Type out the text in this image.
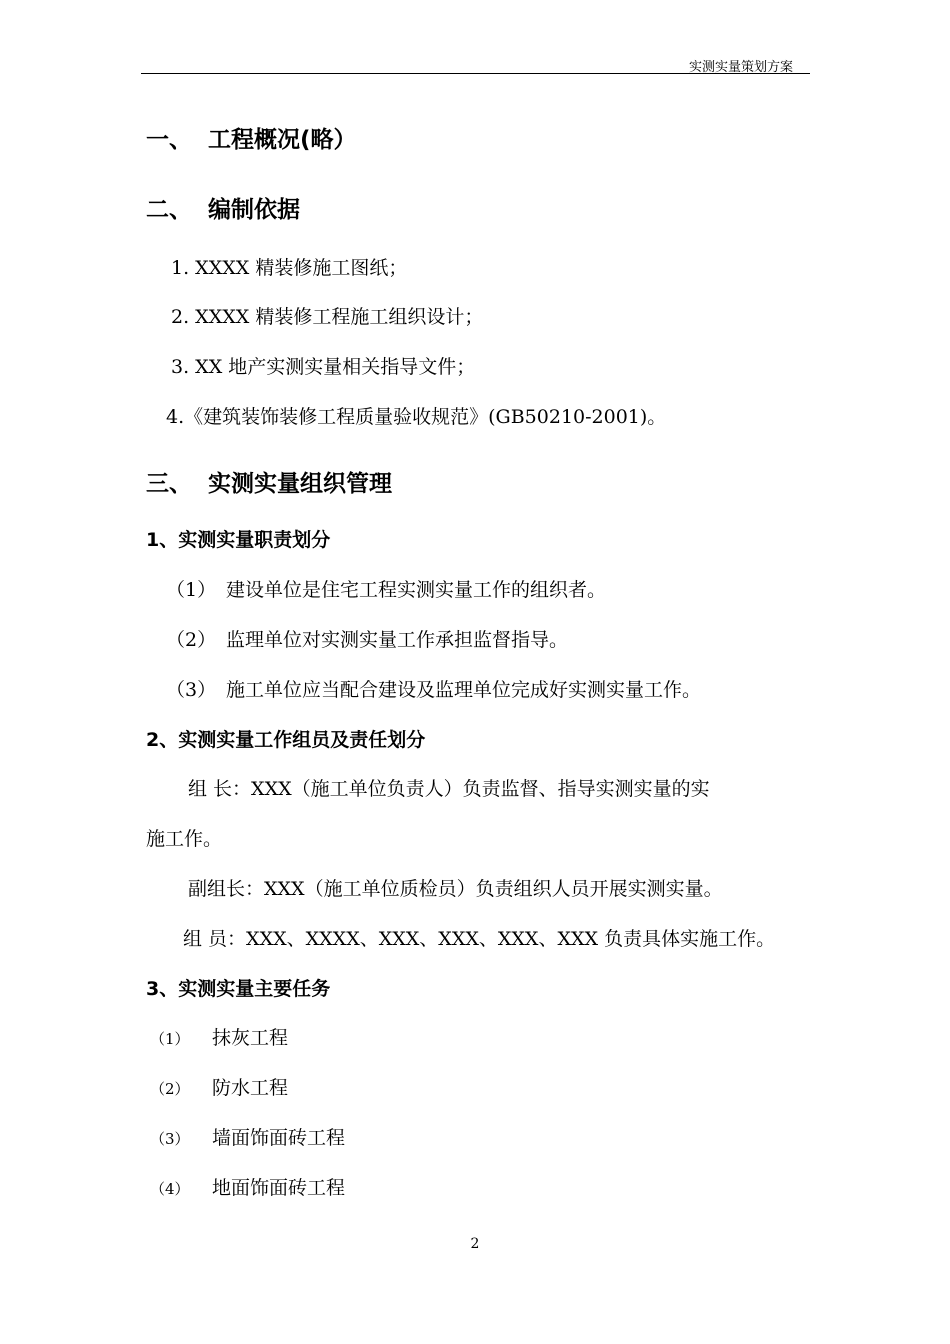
实测实量策划方案
一、 工程概况(略）
二、 编制依据
1. XXXX 精装修施工图纸；
2. XXXX 精装修工程施工组织设计；
3. XX 地产实测实量相关指导文件；
4.《建筑装饰装修工程质量验收规范》(GB50210-2001)。
三、 实测实量组织管理
1、实测实量职责划分
（1） 建设单位是住宅工程实测实量工作的组织者。
（2） 监理单位对实测实量工作承担监督指导。
（3） 施工单位应当配合建设及监理单位完成好实测实量工作。
2、实测实量工作组员及责任划分
组 长：XXX（施工单位负责人）负责监督、指导实测实量的实
施工作。
副组长：XXX（施工单位质检员）负责组织人员开展实测实量。
组 员：XXX、XXXX、XXX、XXX、XXX、XXX 负责具体实施工作。
3、实测实量主要任务
（1） 抹灰工程
（2） 防水工程
（3） 墙面饰面砖工程
（4） 地面饰面砖工程
2
